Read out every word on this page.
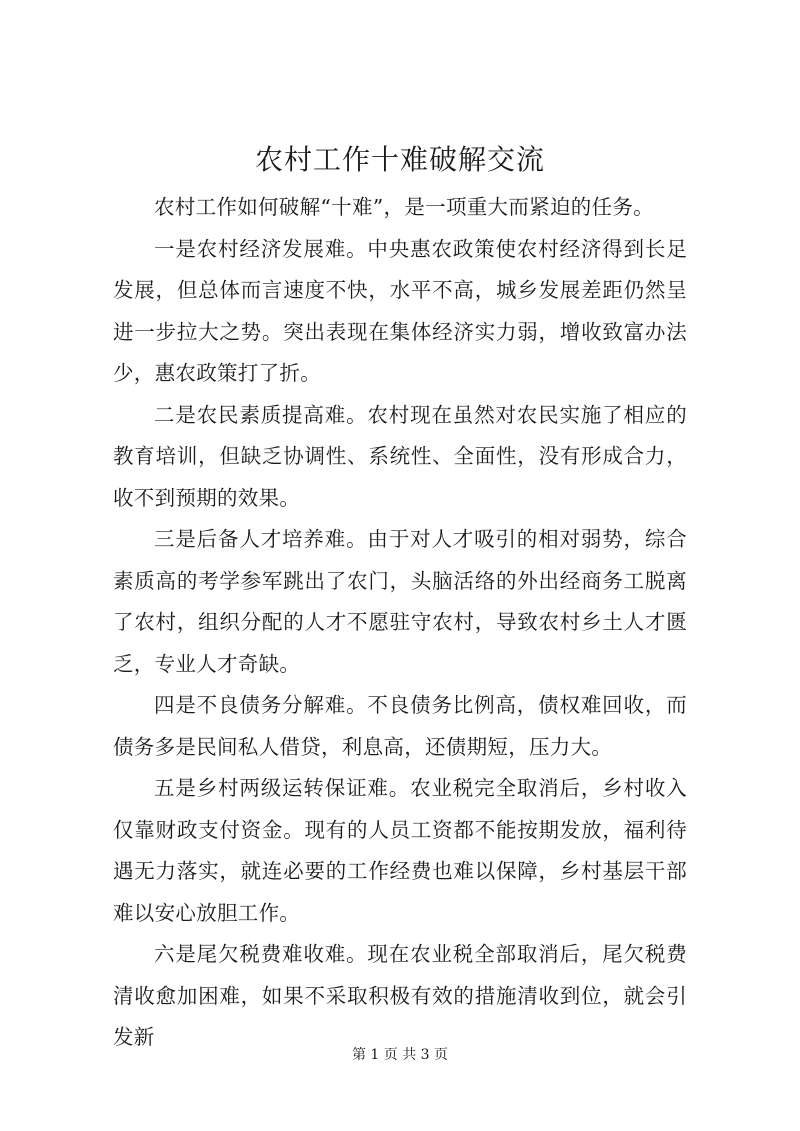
农村工作十难破解交流

农村工作如何破解“十难”，是一项重大而紧迫的任务。

一是农村经济发展难。中央惠农政策使农村经济得到长足发展，但总体而言速度不快，水平不高，城乡发展差距仍然呈进一步拉大之势。突出表现在集体经济实力弱，增收致富办法少，惠农政策打了折。

二是农民素质提高难。农村现在虽然对农民实施了相应的教育培训，但缺乏协调性、系统性、全面性，没有形成合力，收不到预期的效果。

三是后备人才培养难。由于对人才吸引的相对弱势，综合素质高的考学参军跳出了农门，头脑活络的外出经商务工脱离了农村，组织分配的人才不愿驻守农村，导致农村乡土人才匮乏，专业人才奇缺。

四是不良债务分解难。不良债务比例高，债权难回收，而债务多是民间私人借贷，利息高，还债期短，压力大。

五是乡村两级运转保证难。农业税完全取消后，乡村收入仅靠财政支付资金。现有的人员工资都不能按期发放，福利待遇无力落实，就连必要的工作经费也难以保障，乡村基层干部难以安心放胆工作。

六是尾欠税费难收难。现在农业税全部取消后，尾欠税费清收愈加困难，如果不采取积极有效的措施清收到位，就会引发新

第 1 页 共 3 页
